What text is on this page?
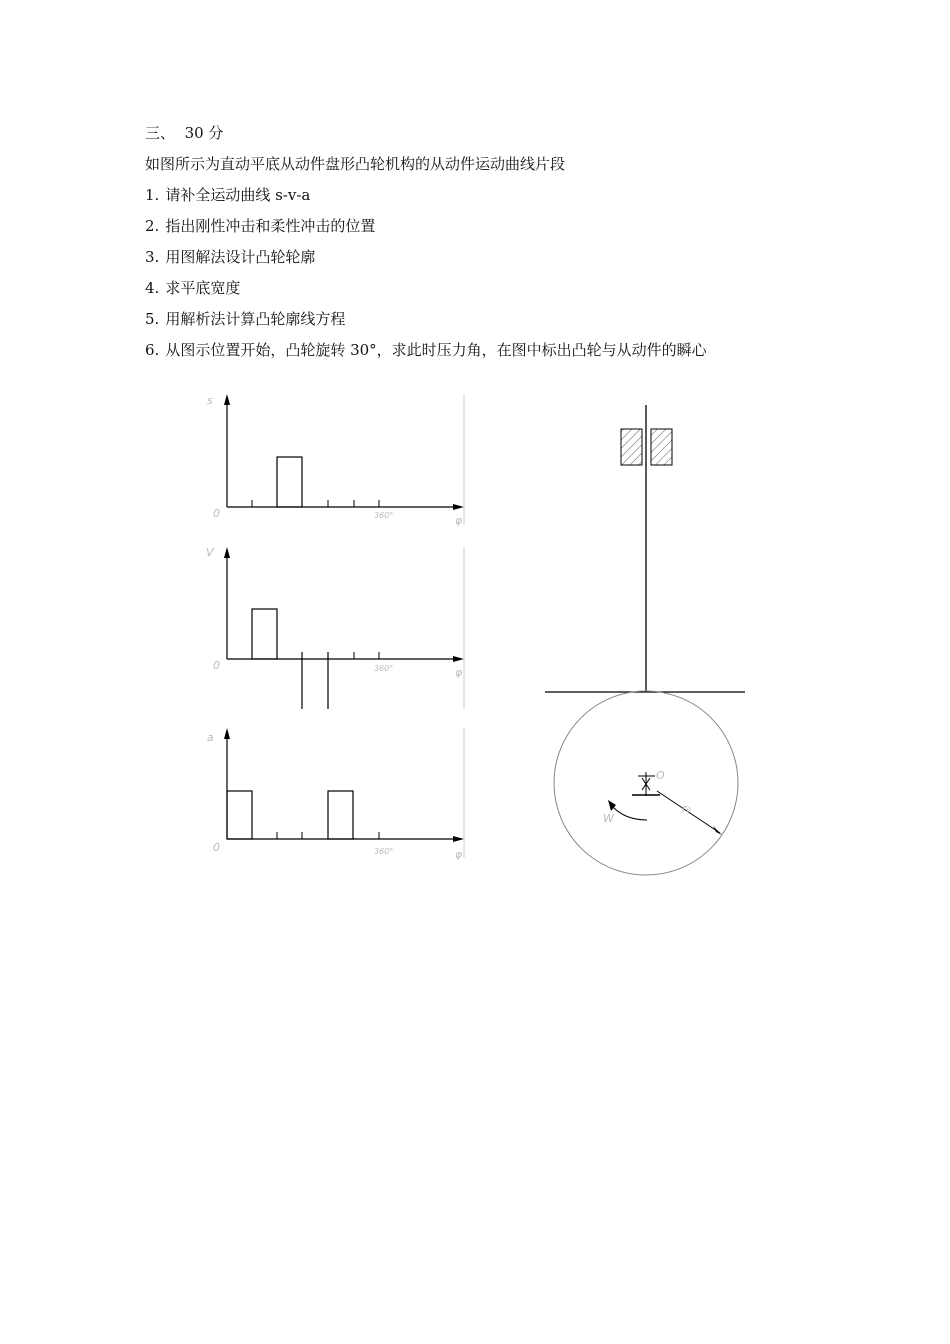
三、 30 分
如图所示为直动平底从动件盘形凸轮机构的从动件运动曲线片段
1. 请补全运动曲线 s-v-a
2. 指出刚性冲击和柔性冲击的位置
3. 用图解法设计凸轮轮廓
4. 求平底宽度
5. 用解析法计算凸轮廓线方程
6. 从图示位置开始，凸轮旋转 30°，求此时压力角，在图中标出凸轮与从动件的瞬心
s
0	360°	φ
V
0	360°	φ
a
0	360°	φ
O
W
r₀
